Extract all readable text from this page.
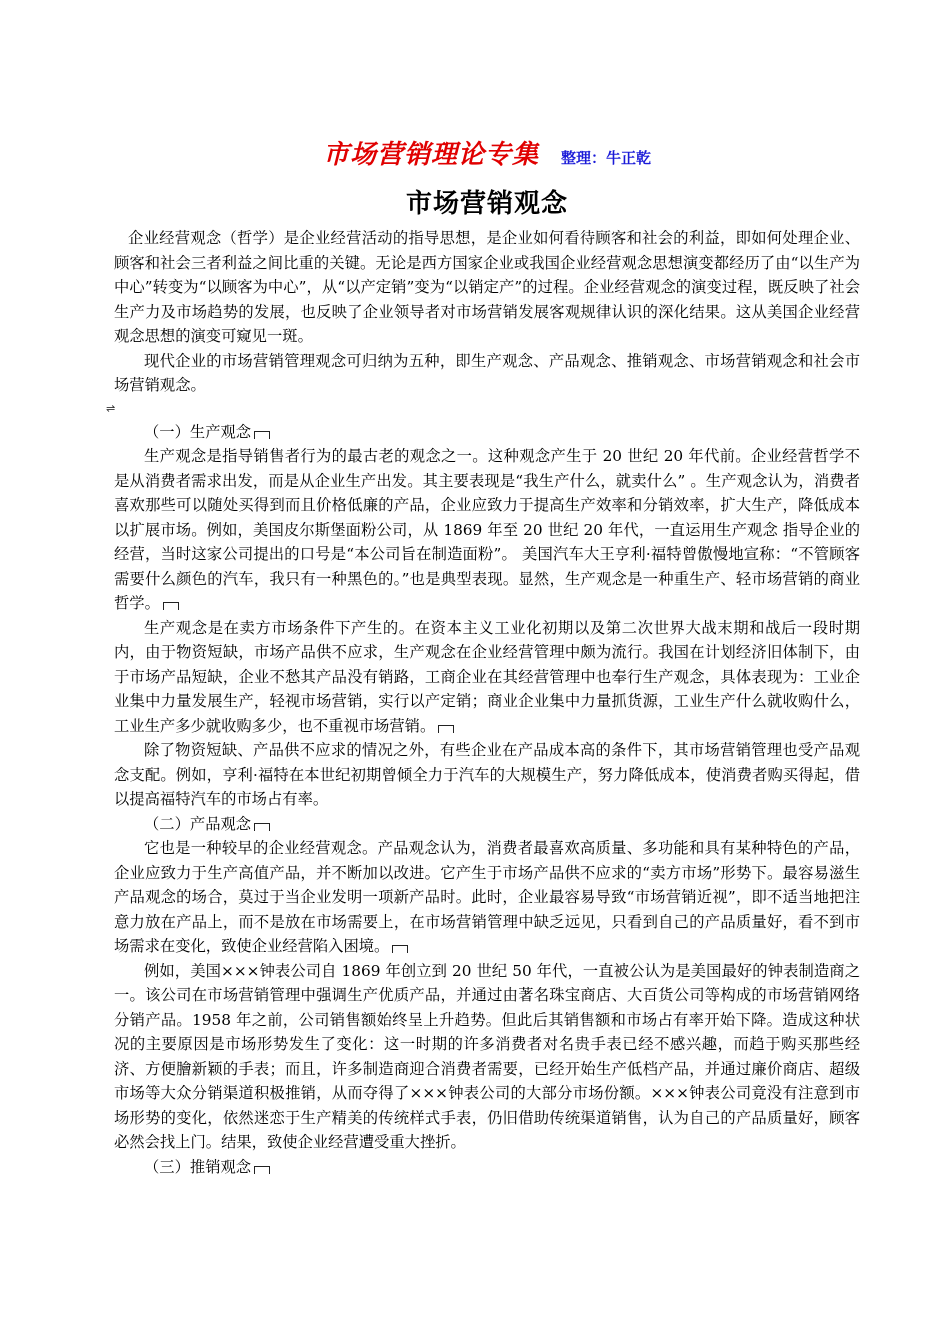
市场营销理论专集 整理：牛正乾
市场营销观念

企业经营观念（哲学）是企业经营活动的指导思想，是企业如何看待顾客和社会的利益，即如何处理企业、顾客和社会三者利益之间比重的关键。无论是西方国家企业或我国企业经营观念思想演变都经历了由“以生产为中心”转变为“以顾客为中心”，从“以产定销”变为“以销定产”的过程。企业经营观念的演变过程，既反映了社会生产力及市场趋势的发展，也反映了企业领导者对市场营销发展客观规律认识的深化结果。这从美国企业经营观念思想的演变可窥见一斑。

现代企业的市场营销管理观念可归纳为五种，即生产观念、产品观念、推销观念、市场营销观念和社会市场营销观念。

⇌

（一）生产观念

生产观念是指导销售者行为的最古老的观念之一。这种观念产生于 20 世纪 20 年代前。企业经营哲学不是从消费者需求出发，而是从企业生产出发。其主要表现是“我生产什么，就卖什么” 。生产观念认为，消费者喜欢那些可以随处买得到而且价格低廉的产品，企业应致力于提高生产效率和分销效率，扩大生产，降低成本以扩展市场。例如，美国皮尔斯堡面粉公司，从 1869 年至 20 世纪 20 年代，一直运用生产观念 指导企业的经营，当时这家公司提出的口号是“本公司旨在制造面粉”。 美国汽车大王亨利·福特曾傲慢地宣称：“不管顾客需要什么颜色的汽车，我只有一种黑色的。”也是典型表现。显然，生产观念是一种重生产、轻市场营销的商业哲学。

生产观念是在卖方市场条件下产生的。在资本主义工业化初期以及第二次世界大战末期和战后一段时期内，由于物资短缺，市场产品供不应求，生产观念在企业经营管理中颇为流行。我国在计划经济旧体制下，由于市场产品短缺，企业不愁其产品没有销路，工商企业在其经营管理中也奉行生产观念，具体表现为：工业企业集中力量发展生产，轻视市场营销，实行以产定销；商业企业集中力量抓货源，工业生产什么就收购什么，工业生产多少就收购多少，也不重视市场营销。

除了物资短缺、产品供不应求的情况之外，有些企业在产品成本高的条件下，其市场营销管理也受产品观念支配。例如，亨利·福特在本世纪初期曾倾全力于汽车的大规模生产，努力降低成本，使消费者购买得起，借以提高福特汽车的市场占有率。

（二）产品观念

它也是一种较早的企业经营观念。产品观念认为，消费者最喜欢高质量、多功能和具有某种特色的产品，企业应致力于生产高值产品，并不断加以改进。它产生于市场产品供不应求的“卖方市场”形势下。最容易滋生产品观念的场合，莫过于当企业发明一项新产品时。此时，企业最容易导致“市场营销近视”，即不适当地把注意力放在产品上，而不是放在市场需要上，在市场营销管理中缺乏远见，只看到自己的产品质量好，看不到市场需求在变化，致使企业经营陷入困境。

例如，美国×××钟表公司自 1869 年创立到 20 世纪 50 年代，一直被公认为是美国最好的钟表制造商之一。该公司在市场营销管理中强调生产优质产品，并通过由著名珠宝商店、大百货公司等构成的市场营销网络分销产品。1958 年之前，公司销售额始终呈上升趋势。但此后其销售额和市场占有率开始下降。造成这种状况的主要原因是市场形势发生了变化：这一时期的许多消费者对名贵手表已经不感兴趣，而趋于购买那些经济、方便膾新颖的手表；而且，许多制造商迎合消费者需要，已经开始生产低档产品，并通过廉价商店、超级市场等大众分销渠道积极推销，从而夺得了×××钟表公司的大部分市场份额。×××钟表公司竟没有注意到市场形势的变化，依然迷恋于生产精美的传统样式手表，仍旧借助传统渠道销售，认为自己的产品质量好，顾客必然会找上门。结果，致使企业经营遭受重大挫折。

（三）推销观念
